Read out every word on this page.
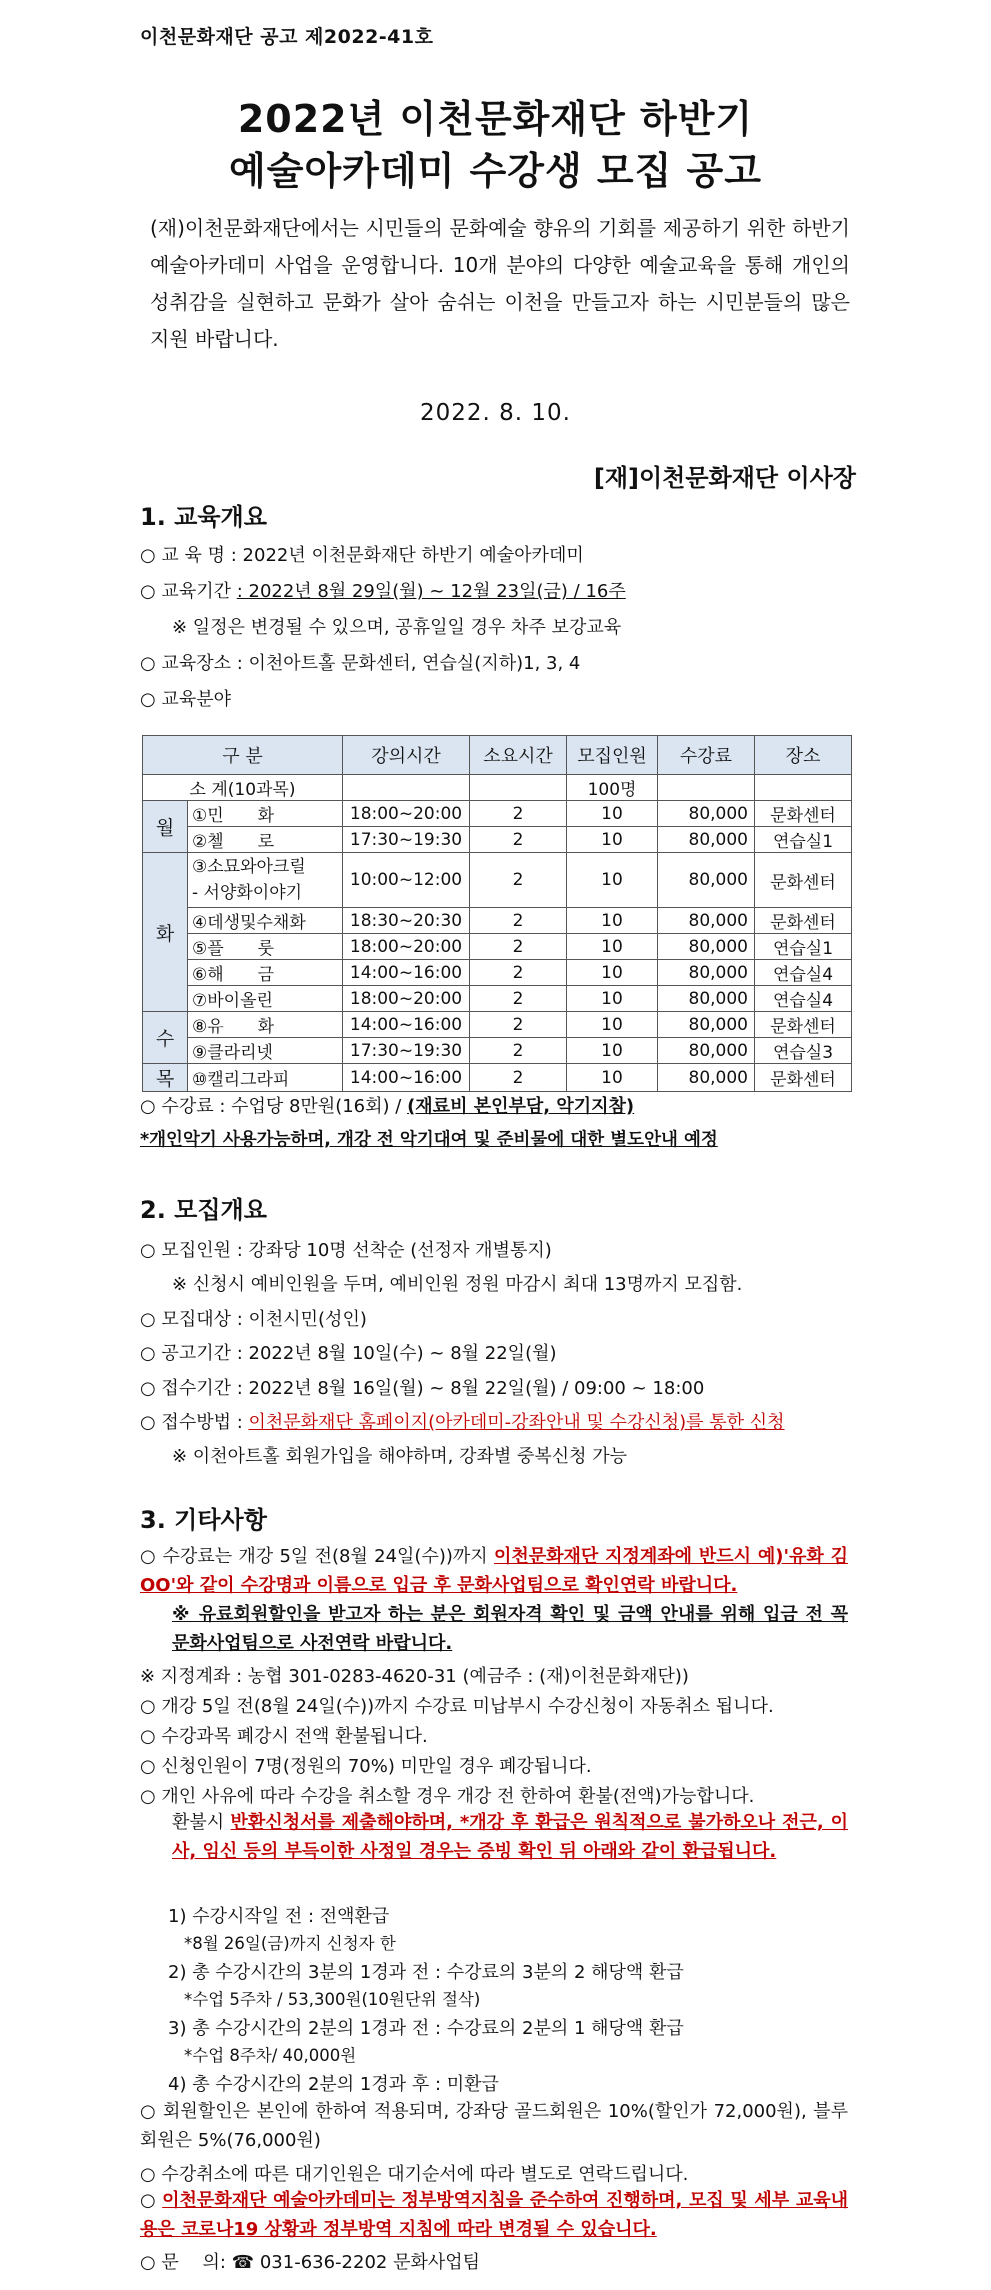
이천문화재단 공고 제2022-41호
2022년 이천문화재단 하반기
예술아카데미 수강생 모집 공고
(재)이천문화재단에서는 시민들의 문화예술 향유의 기회를 제공하기 위한 하반기 예술아카데미 사업을 운영합니다. 10개 분야의 다양한 예술교육을 통해 개인의 성취감을 실현하고 문화가 살아 숨쉬는 이천을 만들고자 하는 시민분들의 많은 지원 바랍니다.
2022. 8. 10.
[재]이천문화재단 이사장
1. 교육개요
○ 교 육 명 : 2022년 이천문화재단 하반기 예술아카데미
○ 교육기간 : 2022년 8월 29일(월) ~ 12월 23일(금) / 16주
※ 일정은 변경될 수 있으며, 공휴일일 경우 차주 보강교육
○ 교육장소 : 이천아트홀 문화센터, 연습실(지하)1, 3, 4
○ 교육분야
구 분		강의시간	소요시간	모집인원	수강료	장소
소 계(10과목)				100명		
월	①민　　화	18:00~20:00	2	10	80,000	문화센터
	②첼　　로	17:30~19:30	2	10	80,000	연습실1
화	③소묘와아크릴
- 서양화이야기	10:00~12:00	2	10	80,000	문화센터
	④데생및수채화	18:30~20:30	2	10	80,000	문화센터
	⑤플　　룻	18:00~20:00	2	10	80,000	연습실1
	⑥해　　금	14:00~16:00	2	10	80,000	연습실4
	⑦바이올린	18:00~20:00	2	10	80,000	연습실4
수	⑧유　　화	14:00~16:00	2	10	80,000	문화센터
	⑨클라리넷	17:30~19:30	2	10	80,000	연습실3
목	⑩캘리그라피	14:00~16:00	2	10	80,000	문화센터
○ 수강료 : 수업당 8만원(16회) / (재료비 본인부담, 악기지참)
*개인악기 사용가능하며, 개강 전 악기대여 및 준비물에 대한 별도안내 예정
2. 모집개요
○ 모집인원 : 강좌당 10명 선착순 (선정자 개별통지)
※ 신청시 예비인원을 두며, 예비인원 정원 마감시 최대 13명까지 모집함.
○ 모집대상 : 이천시민(성인)
○ 공고기간 : 2022년 8월 10일(수) ~ 8월 22일(월)
○ 접수기간 : 2022년 8월 16일(월) ~ 8월 22일(월) / 09:00 ~ 18:00
○ 접수방법 : 이천문화재단 홈페이지(아카데미-강좌안내 및 수강신청)를 통한 신청
※ 이천아트홀 회원가입을 해야하며, 강좌별 중복신청 가능
3. 기타사항
○ 수강료는 개강 5일 전(8월 24일(수))까지 이천문화재단 지정계좌에 반드시 예)'유화 김OO'와 같이 수강명과 이름으로 입금 후 문화사업팀으로 확인연락 바랍니다.
※ 유료회원할인을 받고자 하는 분은 회원자격 확인 및 금액 안내를 위해 입금 전 꼭 문화사업팀으로 사전연락 바랍니다.
※ 지정계좌 : 농협 301-0283-4620-31 (예금주 : (재)이천문화재단))
○ 개강 5일 전(8월 24일(수))까지 수강료 미납부시 수강신청이 자동취소 됩니다.
○ 수강과목 폐강시 전액 환불됩니다.
○ 신청인원이 7명(정원의 70%) 미만일 경우 폐강됩니다.
○ 개인 사유에 따라 수강을 취소할 경우 개강 전 한하여 환불(전액)가능합니다.
환불시 반환신청서를 제출해야하며, *개강 후 환급은 원칙적으로 불가하오나 전근, 이사, 임신 등의 부득이한 사정일 경우는 증빙 확인 뒤 아래와 같이 환급됩니다.
1) 수강시작일 전 : 전액환급
*8월 26일(금)까지 신청자 한
2) 총 수강시간의 3분의 1경과 전 : 수강료의 3분의 2 해당액 환급
*수업 5주차 / 53,300원(10원단위 절삭)
3) 총 수강시간의 2분의 1경과 전 : 수강료의 2분의 1 해당액 환급
*수업 8주차/ 40,000원
4) 총 수강시간의 2분의 1경과 후 : 미환급
○ 회원할인은 본인에 한하여 적용되며, 강좌당 골드회원은 10%(할인가 72,000원), 블루회원은 5%(76,000원)
○ 수강취소에 따른 대기인원은 대기순서에 따라 별도로 연락드립니다.
○ 이천문화재단 예술아카데미는 정부방역지침을 준수하여 진행하며, 모집 및 세부 교육내용은 코로나19 상황과 정부방역 지침에 따라 변경될 수 있습니다.
○ 문　 의: ☎ 031-636-2202 문화사업팀
